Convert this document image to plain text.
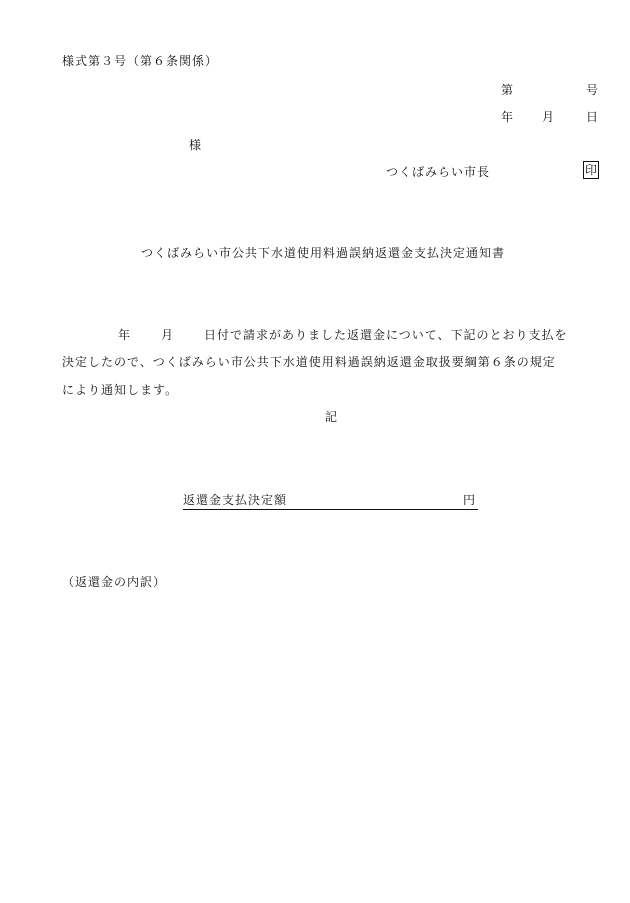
様式第３号（第６条関係）
第	号
年 月	日
様
つくばみらい市長	印
つくばみらい市公共下水道使用料過誤納返還金支払決定通知書
年	月	日付で請求がありました返還金について、下記のとおり支払を
決定したので、つくばみらい市公共下水道使用料過誤納返還金取扱要綱第６条の規定
により通知します。
記
返還金支払決定額	円
（返還金の内訳）
